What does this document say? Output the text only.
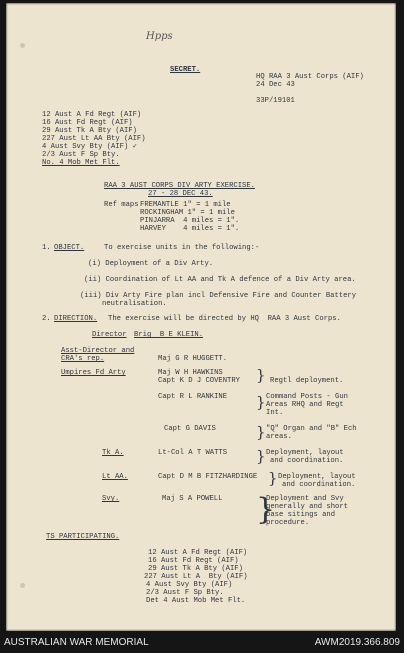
Hpps
SECRET.
HQ RAA 3 Aust Corps (AIF)
24 Dec 43
33P/19101
12 Aust A Fd Regt (AIF)
16 Aust Fd Regt (AIF)
29 Aust Tk A Bty (AIF)
227 Aust Lt AA Bty (AIF)
4 Aust Svy Bty (AIF) ✓
2/3 Aust F Sp Bty.
No. 4 Mob Met Flt.
RAA 3 AUST CORPS DIV ARTY EXERCISE.
27 - 28 DEC 43.
Ref maps FREMANTLE 1" = 1 mile
ROCKINGHAM 1" = 1 mile
PINJARRA  4 miles = 1".
HARVEY    4 miles = 1".
1. OBJECT.	To exercise units in the following:-
(i) Deployment of a Div Arty.
(ii) Coordination of Lt AA and Tk A defence of a Div Arty area.
(iii) Div Arty Fire plan incl Defensive Fire and Counter Battery
neutralisation.
2. DIRECTION. The exercise will be directed by HQ  RAA 3 Aust Corps.
Director Brig  B E KLEIN.
Asst-Director and
CRA's rep.	Maj G R HUGGETT.
Umpires Fd Arty	Maj W H HAWKINS
Capt K D J COVENTRY } Regtl deployment.
Capt R L RANKINE } Command Posts - Gun
Areas RHQ and Regt
Int.
Capt G DAVIS	} "Q" Organ and "B" Ech
areas.
Tk A.	Lt-Col A T WATTS } Deployment, layout
and coordination.
Lt AA.	Capt D M B FITZHARDINGE } Deployment, layout
and coordination.
Svy.	Maj S A POWELL }
Deployment and Svy
generally and short
base sitings and
procedure.
TS PARTICIPATING.
12 Aust A Fd Regt (AIF)
16 Aust Fd Regt (AIF)
29 Aust Tk A Bty (AIF)
227 Aust Lt A  Bty (AIF)
4 Aust Svy Bty (AIF)
2/3 Aust F Sp Bty.
Det 4 Aust Mob Met Flt.
AUSTRALIAN WAR MEMORIAL	AWM2019.366.809
